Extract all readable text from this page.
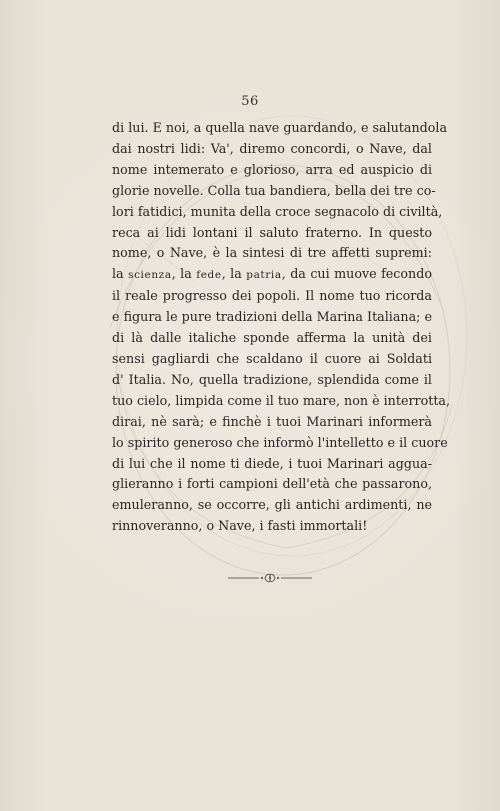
56
di lui. E noi, a quella nave guardando, e salutandola
dai nostri lidi: Va', diremo concordi, o Nave, dal
nome intemerato e glorioso, arra ed auspicio di
glorie novelle. Colla tua bandiera, bella dei tre co-
lori fatidici, munita della croce segnacolo di civiltà,
reca ai lidi lontani il saluto fraterno. In questo
nome, o Nave, è la sintesi di tre affetti supremi:
la scienza, la fede, la patria, da cui muove fecondo
il reale progresso dei popoli. Il nome tuo ricorda
e figura le pure tradizioni della Marina Italiana; e
di là dalle italiche sponde afferma la unità dei
sensi gagliardi che scaldano il cuore ai Soldati
d' Italia. No, quella tradizione, splendida come il
tuo cielo, limpida come il tuo mare, non è interrotta,
dirai, nè sarà; e finchè i tuoi Marinari informerà
lo spirito generoso che informò l'intelletto e il cuore
di lui che il nome ti diede, i tuoi Marinari aggua-
glieranno i forti campioni dell'età che passarono,
emuleranno, se occorre, gli antichi ardimenti, ne
rinnoveranno, o Nave, i fasti immortali!
